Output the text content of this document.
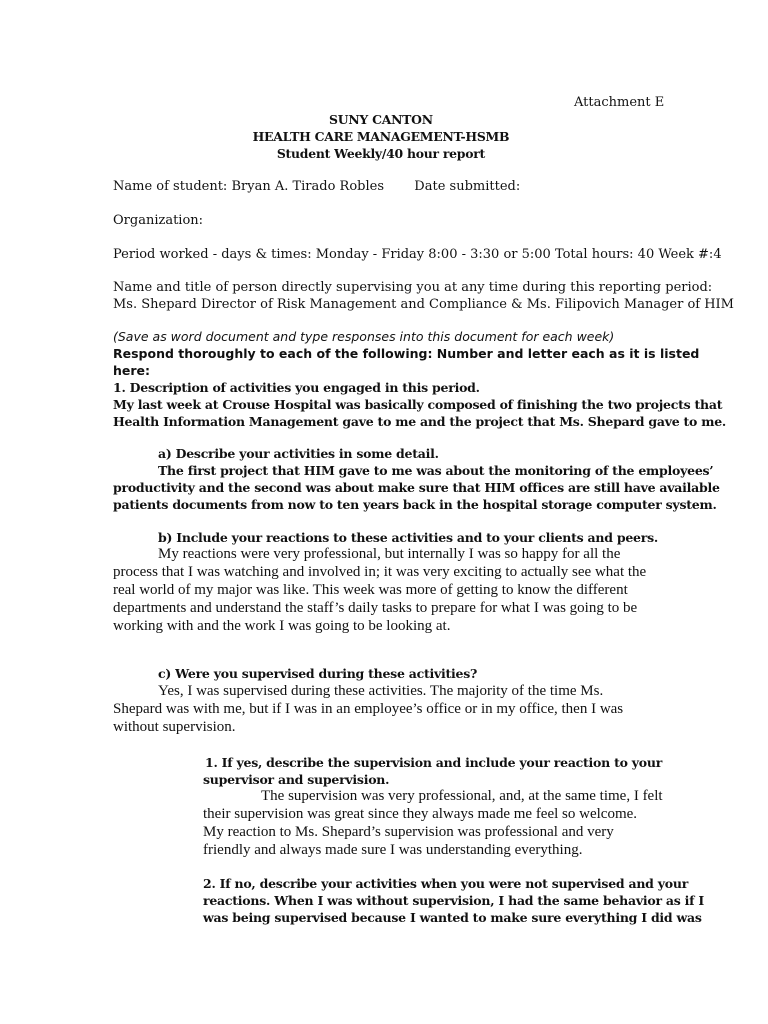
Attachment E
SUNY CANTON
HEALTH CARE MANAGEMENT-HSMB
Student Weekly/40 hour report
Name of student: Bryan A. Tirado Robles Date submitted:
Organization:
Period worked - days & times: Monday - Friday 8:00 - 3:30 or 5:00 Total hours: 40 Week #:4
Name and title of person directly supervising you at any time during this reporting period:
Ms. Shepard Director of Risk Management and Compliance & Ms. Filipovich Manager of HIM
(Save as word document and type responses into this document for each week)
Respond thoroughly to each of the following: Number and letter each as it is listed
here:
1. Description of activities you engaged in this period.
My last week at Crouse Hospital was basically composed of finishing the two projects that
Health Information Management gave to me and the project that Ms. Shepard gave to me.
a) Describe your activities in some detail.
The first project that HIM gave to me was about the monitoring of the employees’
productivity and the second was about make sure that HIM offices are still have available
patients documents from now to ten years back in the hospital storage computer system.
b) Include your reactions to these activities and to your clients and peers.
My reactions were very professional, but internally I was so happy for all the
process that I was watching and involved in; it was very exciting to actually see what the
real world of my major was like. This week was more of getting to know the different
departments and understand the staff’s daily tasks to prepare for what I was going to be
working with and the work I was going to be looking at.
c) Were you supervised during these activities?
Yes, I was supervised during these activities. The majority of the time Ms.
Shepard was with me, but if I was in an employee’s office or in my office, then I was
without supervision.
1. If yes, describe the supervision and include your reaction to your
supervisor and supervision.
The supervision was very professional, and, at the same time, I felt
their supervision was great since they always made me feel so welcome.
My reaction to Ms. Shepard’s supervision was professional and very
friendly and always made sure I was understanding everything.
2. If no, describe your activities when you were not supervised and your
reactions. When I was without supervision, I had the same behavior as if I
was being supervised because I wanted to make sure everything I did was
